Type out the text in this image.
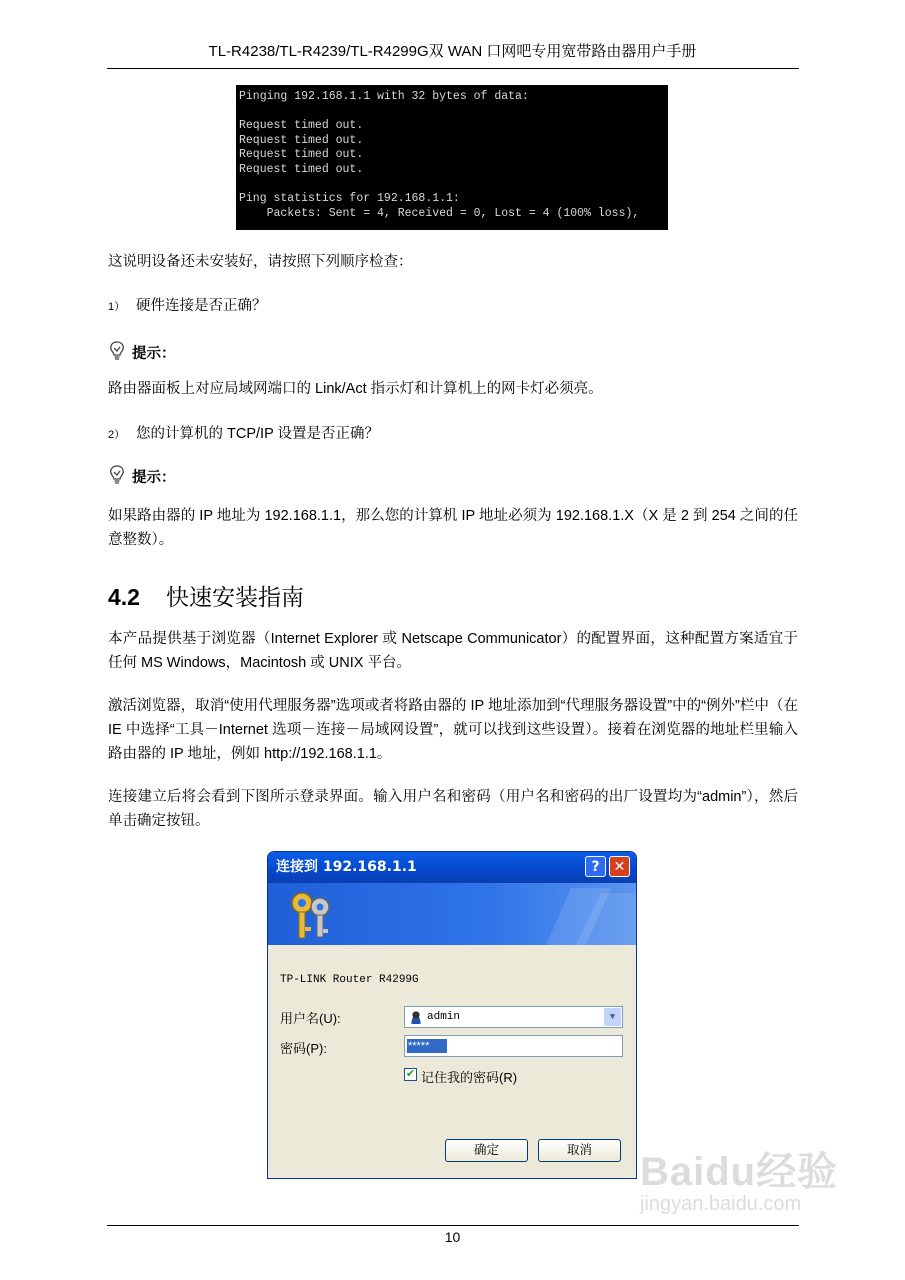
TL-R4238/TL-R4239/TL-R4299G双 WAN 口网吧专用宽带路由器用户手册
Pinging 192.168.1.1 with 32 bytes of data:

Request timed out.
Request timed out.
Request timed out.
Request timed out.

Ping statistics for 192.168.1.1:
Packets: Sent = 4, Received = 0, Lost = 4 (100% loss),
这说明设备还未安装好，请按照下列顺序检查：
1） 硬件连接是否正确？
提示：
路由器面板上对应局域网端口的 Link/Act 指示灯和计算机上的网卡灯必须亮。
2） 您的计算机的 TCP/IP 设置是否正确？
提示：
如果路由器的 IP 地址为 192.168.1.1，那么您的计算机 IP 地址必须为 192.168.1.X（X 是 2 到 254 之间的任意整数）。
4.2 快速安装指南
本产品提供基于浏览器（Internet Explorer 或 Netscape Communicator）的配置界面，这种配置方案适宜于任何 MS Windows，Macintosh 或 UNIX 平台。
激活浏览器，取消“使用代理服务器”选项或者将路由器的 IP 地址添加到“代理服务器设置”中的“例外”栏中（在 IE 中选择“工具－Internet 选项－连接－局域网设置”，就可以找到这些设置）。接着在浏览器的地址栏里输入路由器的 IP 地址，例如 http://192.168.1.1。
连接建立后将会看到下图所示登录界面。输入用户名和密码（用户名和密码的出厂设置均为“admin”），然后单击确定按钮。
连接到 192.168.1.1	?	✕
TP-LINK Router R4299G
用户名(U):	admin	▼
密码(P):	*****
✔ 记住我的密码(R)
确定	取消	Baidu经验
jingyan.baidu.com
10
